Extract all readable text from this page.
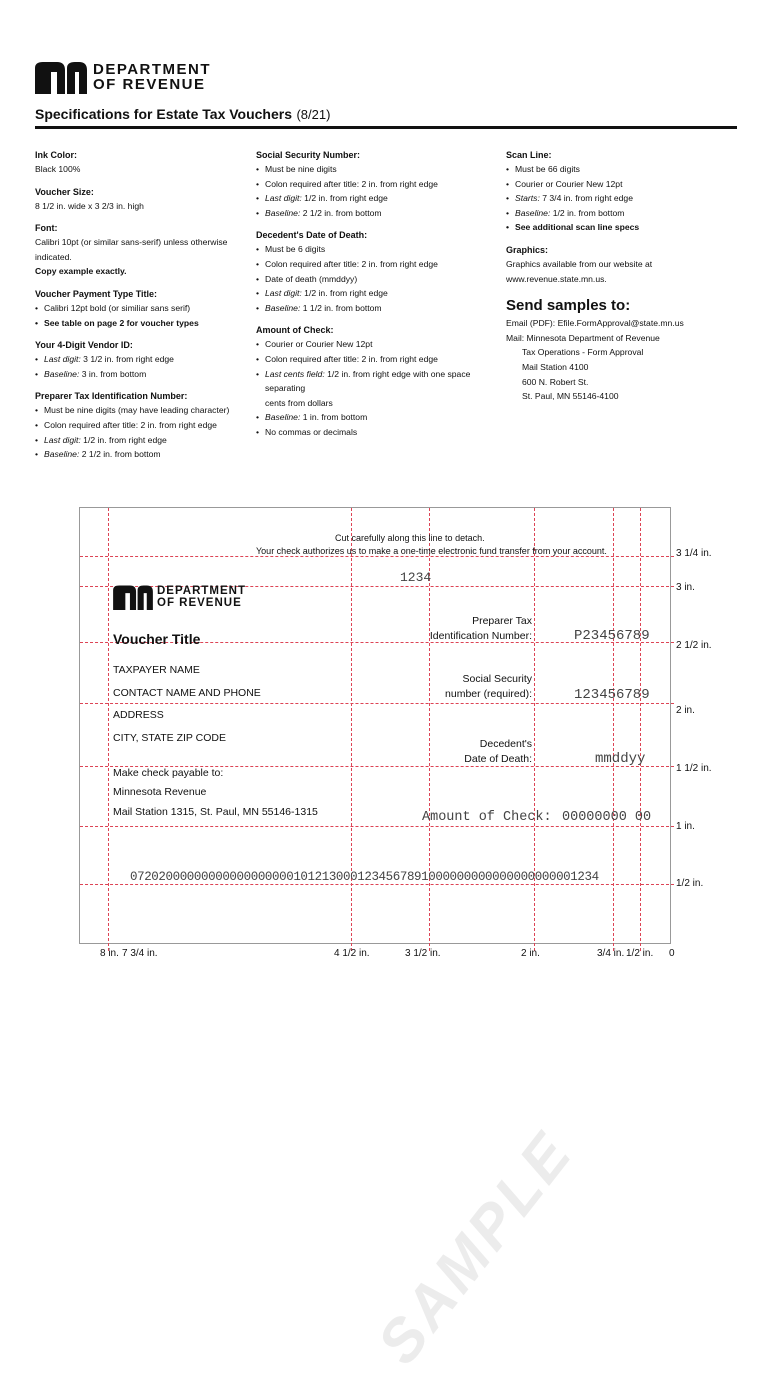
DEPARTMENT
OF REVENUE
Specifications for Estate Tax Vouchers (8/21)
Ink Color:
Black 100%
Voucher Size:
8 1/2 in. wide x 3 2/3 in. high
Font:
Calibri 10pt (or similar sans-serif) unless otherwise
indicated.
Copy example exactly.
Voucher Payment Type Title:
• Calibri 12pt bold (or similiar sans serif)
• See table on page 2 for voucher types
Your 4-Digit Vendor ID:
• Last digit: 3 1/2 in. from right edge
• Baseline: 3 in. from bottom
Preparer Tax Identification Number:
• Must be nine digits (may have leading character)
• Colon required after title: 2 in. from right edge
• Last digit: 1/2 in. from right edge
• Baseline: 2 1/2 in. from bottom
Social Security Number:
• Must be nine digits
• Colon required after title: 2 in. from right edge
• Last digit: 1/2 in. from right edge
• Baseline: 2 1/2 in. from bottom
Decedent's Date of Death:
• Must be 6 digits
• Colon required after title: 2 in. from right edge
• Date of death (mmddyy)
• Last digit: 1/2 in. from right edge
• Baseline: 1 1/2 in. from bottom
Amount of Check:
• Courier or Courier New 12pt
• Colon required after title: 2 in. from right edge
• Last cents field: 1/2 in. from right edge with one space separating
cents from dollars
• Baseline: 1 in. from bottom
• No commas or decimals
Scan Line:
• Must be 66 digits
• Courier or Courier New 12pt
• Starts: 7 3/4 in. from right edge
• Baseline: 1/2 in. from bottom
• See additional scan line specs
Graphics:
Graphics available from our website at www.revenue.state.mn.us.
Send samples to:
Email (PDF): Efile.FormApproval@state.mn.us
Mail: Minnesota Department of Revenue
Tax Operations - Form Approval
Mail Station 4100
600 N. Robert St.
St. Paul, MN 55146-4100
3 1/4 in.
3 in.
2 1/2 in.
2 in.
1 1/2 in.
1 in.
1/2 in.
SAMPLE
Cut carefully along this line to detach.
Your check authorizes us to make a one-time electronic fund transfer from your account.
1234
DEPARTMENT
OF REVENUE
Voucher Title
Preparer Tax
Identification Number:	P23456789
TAXPAYER NAME
CONTACT NAME AND PHONE
ADDRESS
CITY, STATE ZIP CODE
Social Security
number (required):	123456789
Decedent's
Date of Death:	mmddyy
Make check payable to:
Minnesota Revenue
Mail Station 1315, St. Paul, MN 55146-1315	Amount of Check: 00000000 00
072020000000000000000001012130001234567891000000000000000000001234
8 in. 7 3/4 in.	4 1/2 in.	3 1/2 in.	2 in.	3/4 in. 1/2 in. 0
